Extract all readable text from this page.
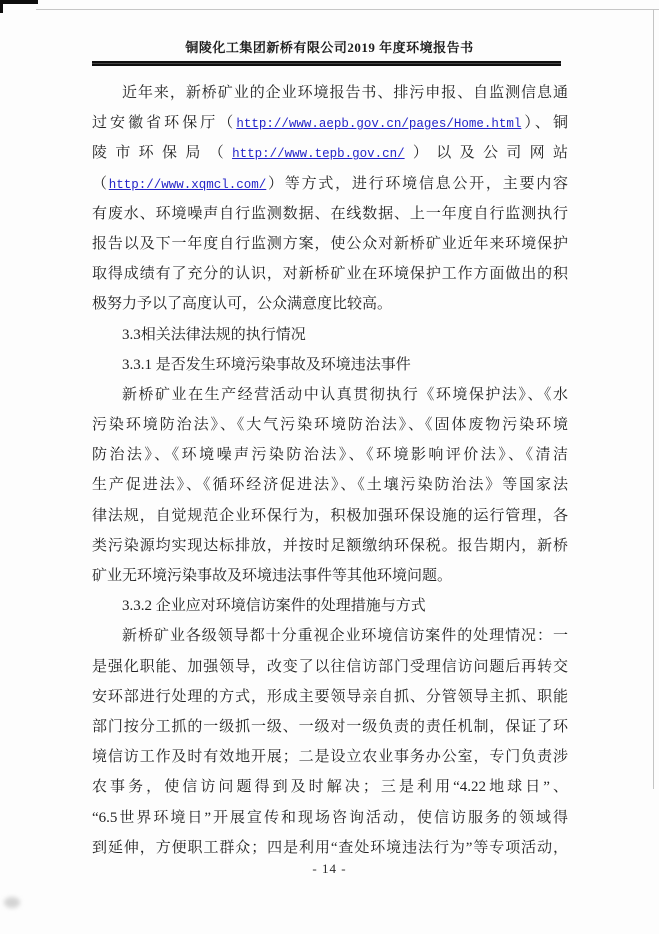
铜陵化工集团新桥有限公司2019 年度环境报告书

近年来，新桥矿业的企业环境报告书、排污申报、自监测信息通

过安徽省环保厅（http://www.aepb.gov.cn/pages/Home.html）、铜

陵市环保局（http://www.tepb.gov.cn/）以及公司网站

（http://www.xqmcl.com/）等方式，进行环境信息公开，主要内容

有废水、环境噪声自行监测数据、在线数据、上一年度自行监测执行

报告以及下一年度自行监测方案，使公众对新桥矿业近年来环境保护

取得成绩有了充分的认识，对新桥矿业在环境保护工作方面做出的积

极努力予以了高度认可，公众满意度比较高。

3.3相关法律法规的执行情况

3.3.1 是否发生环境污染事故及环境违法事件

新桥矿业在生产经营活动中认真贯彻执行《环境保护法》、《水

污染环境防治法》、《大气污染环境防治法》、《固体废物污染环境

防治法》、《环境噪声污染防治法》、《环境影响评价法》、《清洁

生产促进法》、《循环经济促进法》、《土壤污染防治法》等国家法

律法规，自觉规范企业环保行为，积极加强环保设施的运行管理，各

类污染源均实现达标排放，并按时足额缴纳环保税。报告期内，新桥

矿业无环境污染事故及环境违法事件等其他环境问题。

3.3.2 企业应对环境信访案件的处理措施与方式

新桥矿业各级领导都十分重视企业环境信访案件的处理情况：一

是强化职能、加强领导，改变了以往信访部门受理信访问题后再转交

安环部进行处理的方式，形成主要领导亲自抓、分管领导主抓、职能

部门按分工抓的一级抓一级、一级对一级负责的责任机制，保证了环

境信访工作及时有效地开展；二是设立农业事务办公室，专门负责涉

农事务，使信访问题得到及时解决；三是利用“4.22地球日”、

“6.5世界环境日”开展宣传和现场咨询活动，使信访服务的领域得

到延伸，方便职工群众；四是利用“查处环境违法行为”等专项活动，

- 14 -
